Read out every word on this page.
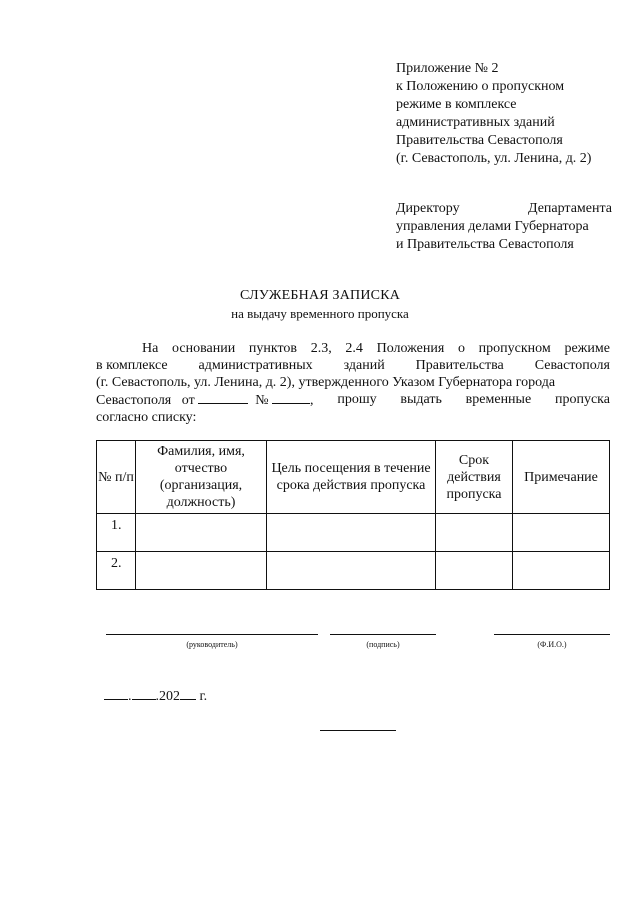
Приложение № 2
к Положению о пропускном
режиме в комплексе
административных зданий
Правительства Севастополя
(г. Севастополь, ул. Ленина, д. 2)
Директору	Департамента
управления делами Губернатора
и Правительства Севастополя
СЛУЖЕБНАЯ ЗАПИСКА
на выдачу временного пропуска
На основании пунктов 2.3, 2.4 Положения о пропускном режиме
в комплексе административных зданий Правительства Севастополя
(г. Севастополь, ул. Ленина, д. 2), утвержденного Указом Губернатора города
Севастополя от	№	, прошу выдать временные пропуска
согласно списку:
№ п/п	Фамилия, имя, отчество (организация, должность)	Цель посещения в течение срока действия пропуска	Срок действия пропуска	Примечание
1.				
2.				
(руководитель)	(подпись)	(Ф.И.О.)
. .202 г.
